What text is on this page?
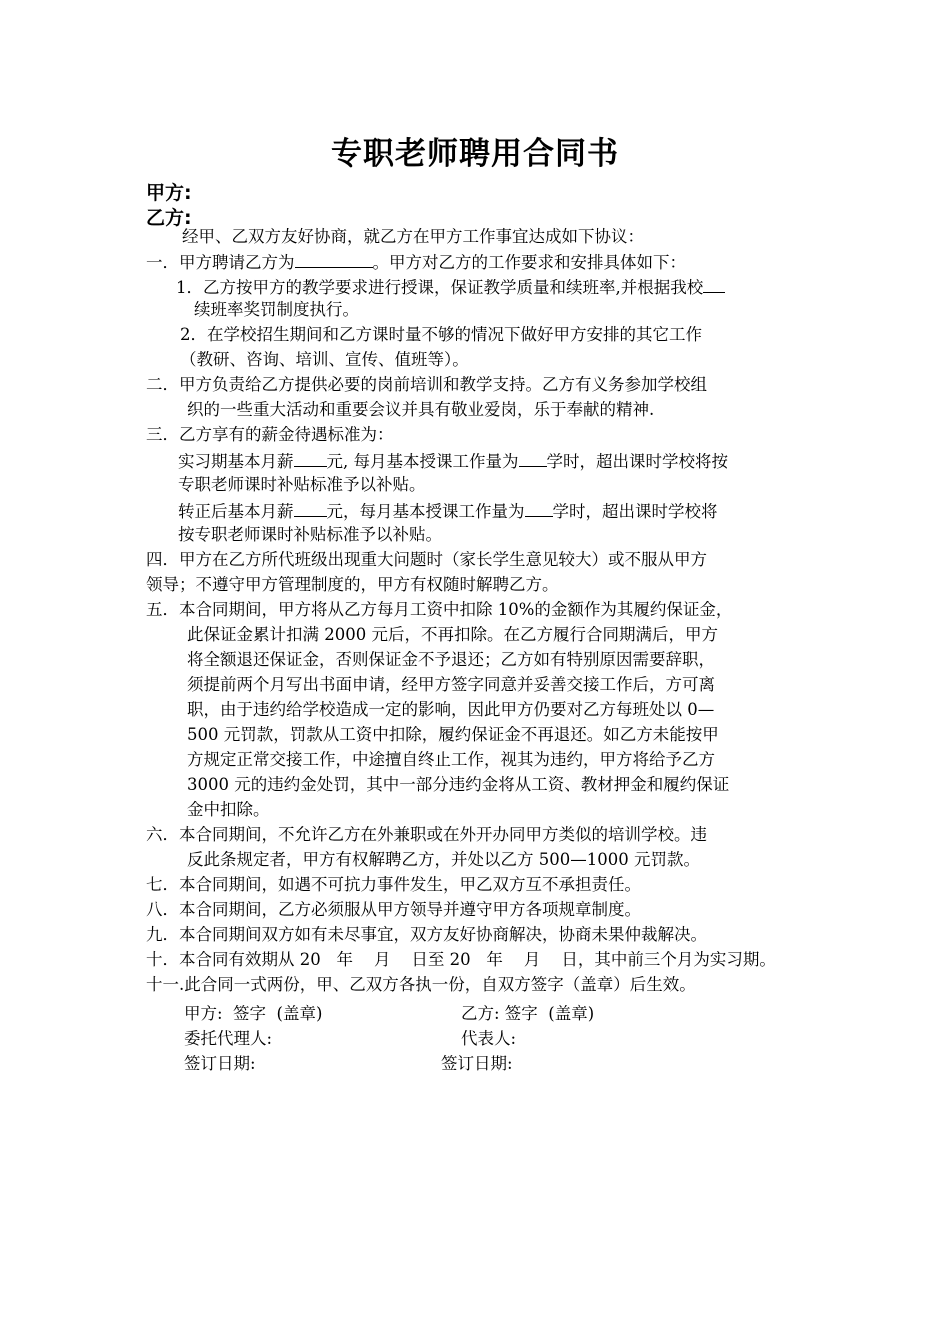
专职老师聘用合同书
甲方:
乙方:
经甲、乙双方友好协商，就乙方在甲方工作事宜达成如下协议：
一．甲方聘请乙方为	。甲方对乙方的工作要求和安排具体如下：
1．乙方按甲方的教学要求进行授课，保证教学质量和续班率,并根据我校
续班率奖罚制度执行。
2．在学校招生期间和乙方课时量不够的情况下做好甲方安排的其它工作
（教研、咨询、培训、宣传、值班等）。
二．甲方负责给乙方提供必要的岗前培训和教学支持。乙方有义务参加学校组
织的一些重大活动和重要会议并具有敬业爱岗，乐于奉献的精神.
三．乙方享有的薪金待遇标准为：
实习期基本月薪 元, 每月基本授课工作量为 学时，超出课时学校将按
专职老师课时补贴标准予以补贴。
转正后基本月薪 元，每月基本授课工作量为 学时，超出课时学校将
按专职老师课时补贴标准予以补贴。
四．甲方在乙方所代班级出现重大问题时（家长学生意见较大）或不服从甲方
领导；不遵守甲方管理制度的，甲方有权随时解聘乙方。
五．本合同期间，甲方将从乙方每月工资中扣除 10%的金额作为其履约保证金，
此保证金累计扣满 2000 元后，不再扣除。在乙方履行合同期满后，甲方
将全额退还保证金，否则保证金不予退还；乙方如有特别原因需要辞职，
须提前两个月写出书面申请，经甲方签字同意并妥善交接工作后，方可离
职，由于违约给学校造成一定的影响，因此甲方仍要对乙方每班处以 0—
500 元罚款，罚款从工资中扣除，履约保证金不再退还。如乙方未能按甲
方规定正常交接工作，中途擅自终止工作，视其为违约，甲方将给予乙方
3000 元的违约金处罚，其中一部分违约金将从工资、教材押金和履约保证
金中扣除。
六．本合同期间，不允许乙方在外兼职或在外开办同甲方类似的培训学校。违
反此条规定者，甲方有权解聘乙方，并处以乙方 500—1000 元罚款。
七．本合同期间，如遇不可抗力事件发生，甲乙双方互不承担责任。
八．本合同期间，乙方必须服从甲方领导并遵守甲方各项规章制度。
九．本合同期间双方如有未尽事宜，双方友好协商解决，协商未果仲裁解决。
十．本合同有效期从 20   年    月    日至 20   年    月    日，其中前三个月为实习期。
十一.此合同一式两份，甲、乙双方各执一份，自双方签字（盖章）后生效。
甲方:  签字  (盖章)	乙方: 签字  (盖章)
委托代理人:	代表人:
签订日期:	签订日期:
